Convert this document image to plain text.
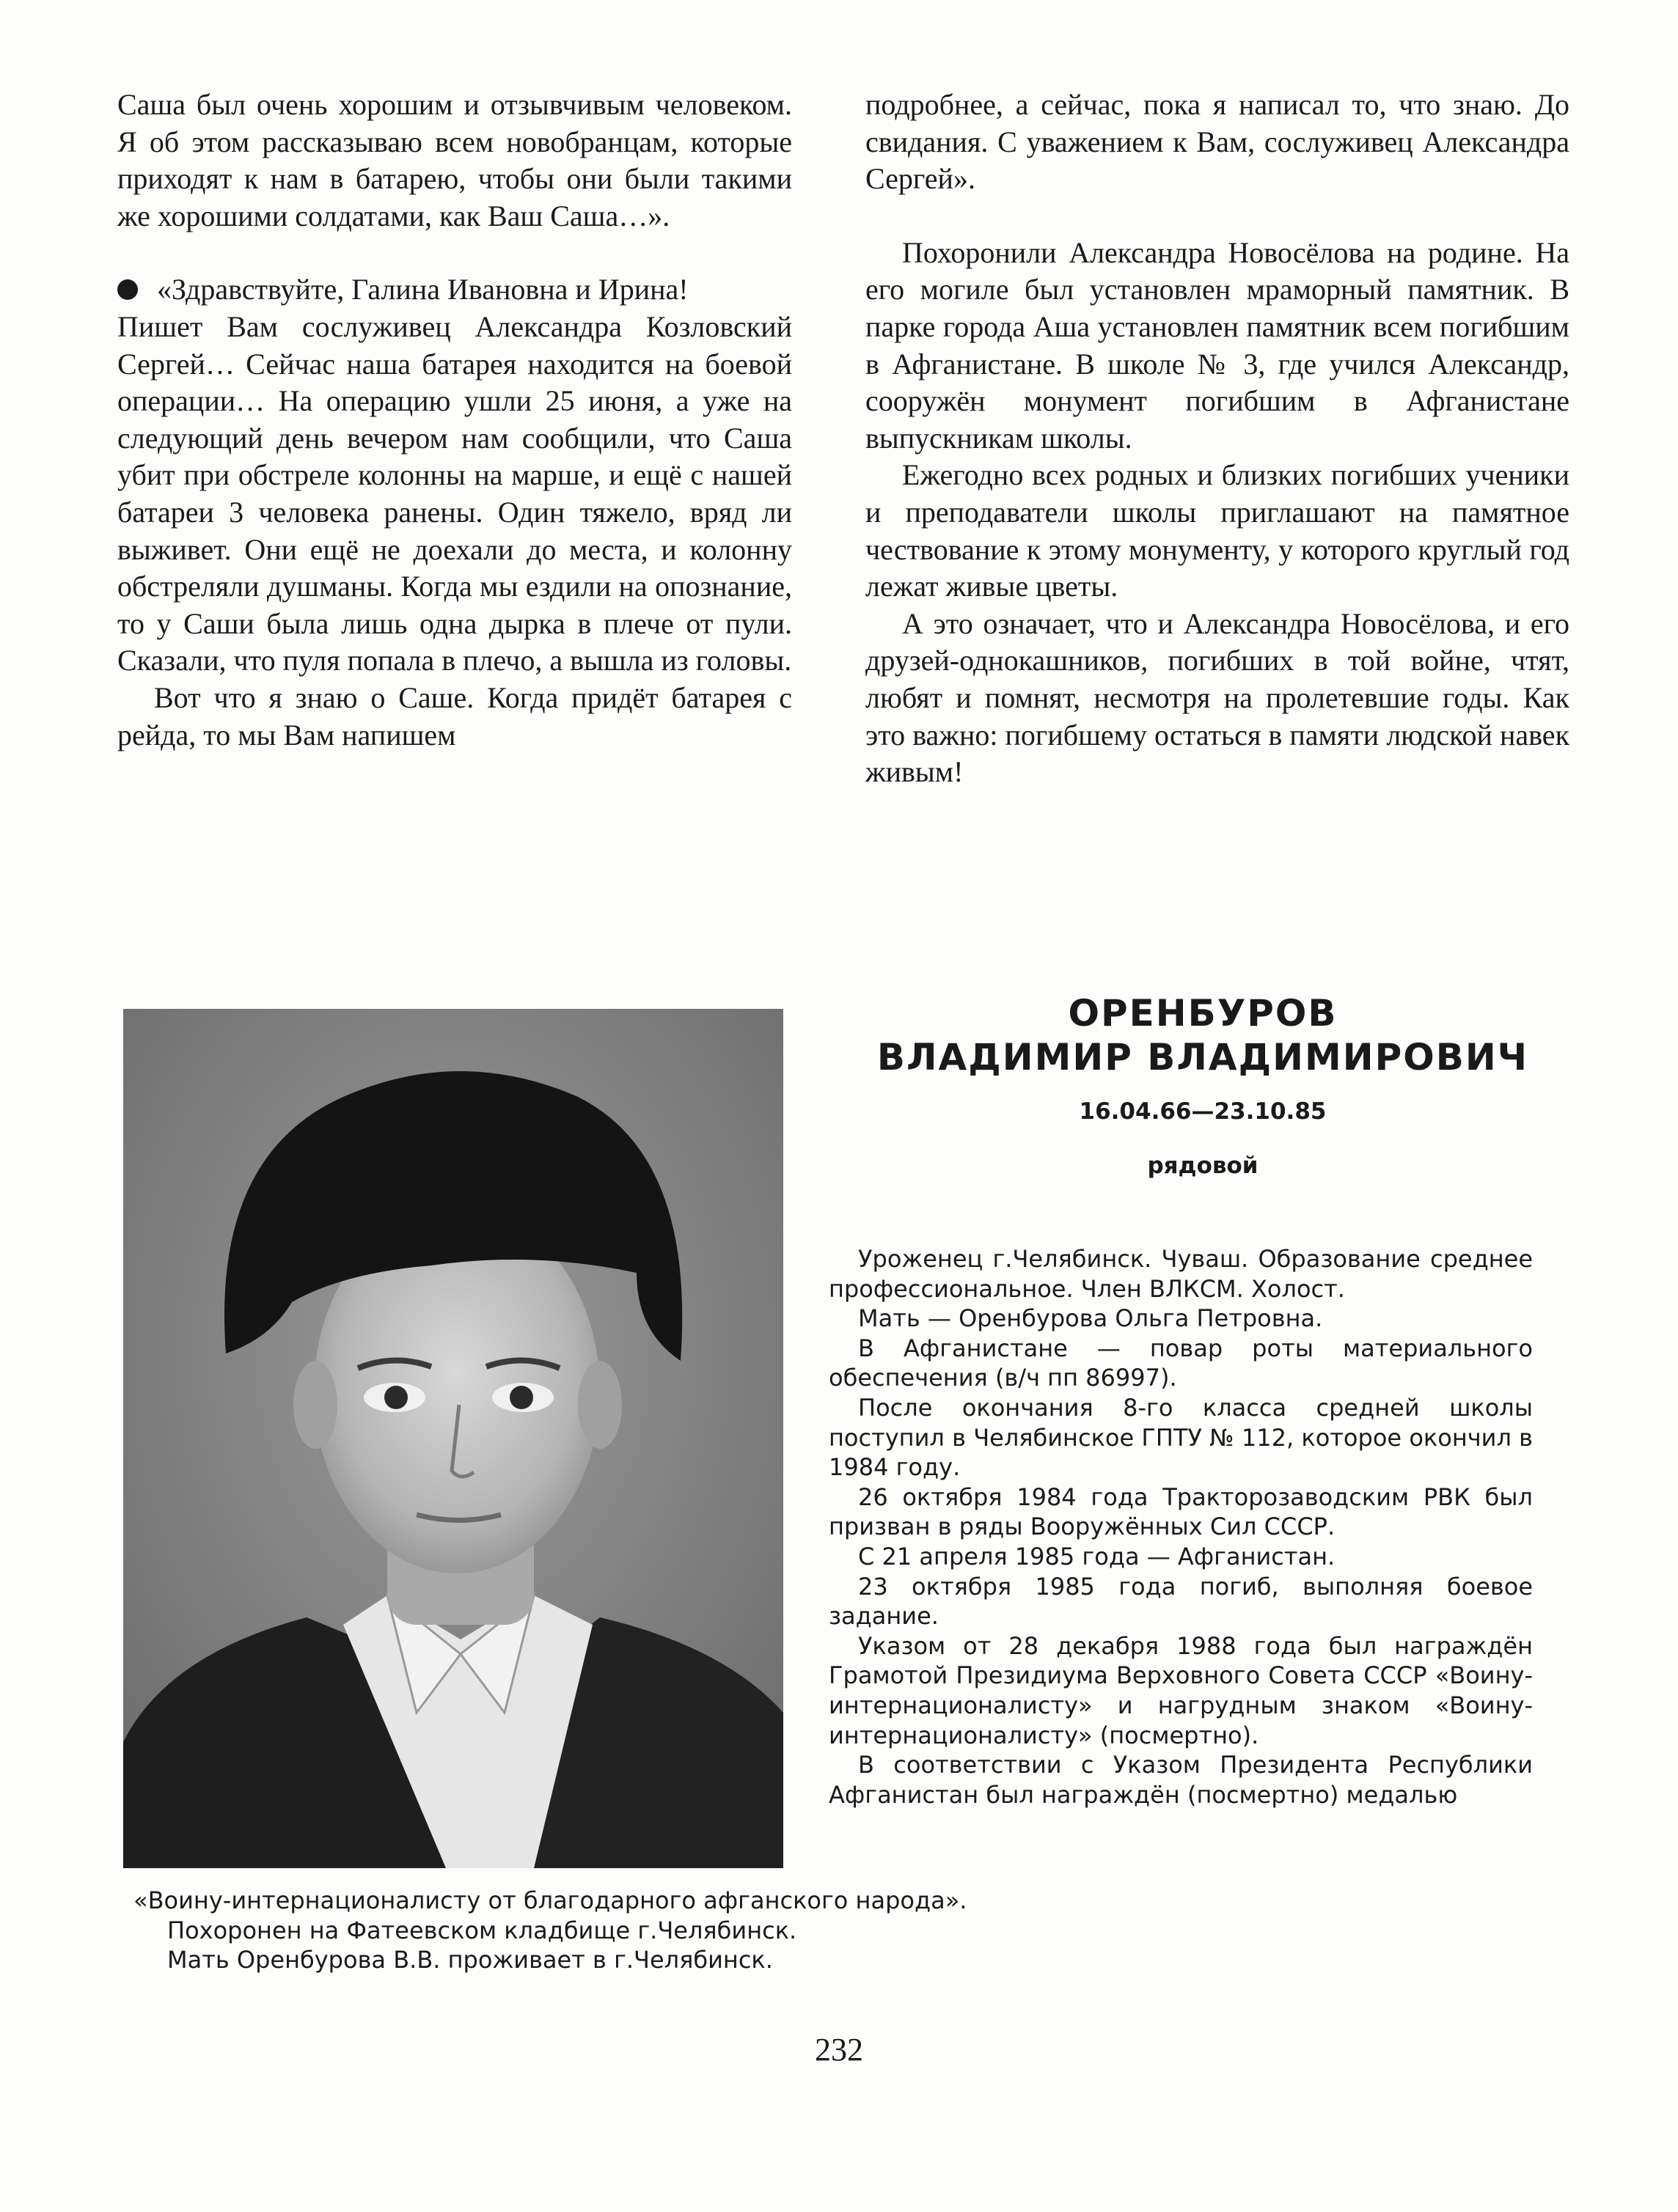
Саша был очень хорошим и отзывчивым человеком. Я об этом рассказываю всем новобранцам, которые приходят к нам в батарею, чтобы они были такими же хорошими солдатами, как Ваш Саша…».

«Здравствуйте, Галина Ивановна и Ирина!

Пишет Вам сослуживец Александра Козловский Сергей… Сейчас наша батарея находится на боевой операции… На операцию ушли 25 июня, а уже на следующий день вечером нам сообщили, что Саша убит при обстреле колонны на марше, и ещё с нашей батареи 3 человека ранены. Один тяжело, вряд ли выживет. Они ещё не доехали до места, и колонну обстреляли душманы. Когда мы ездили на опознание, то у Саши была лишь одна дырка в плече от пули. Сказали, что пуля попала в плечо, а вышла из головы.

Вот что я знаю о Саше. Когда придёт батарея с рейда, то мы Вам напишем

подробнее, а сейчас, пока я написал то, что знаю. До свидания. С уважением к Вам, сослуживец Александра Сергей».

Похоронили Александра Новосёлова на родине. На его могиле был установлен мраморный памятник. В парке города Аша установлен памятник всем погибшим в Афганистане. В школе № 3, где учился Александр, сооружён монумент погибшим в Афганистане выпускникам школы.

Ежегодно всех родных и близких погибших ученики и преподаватели школы приглашают на памятное чествование к этому монументу, у которого круглый год лежат живые цветы.

А это означает, что и Александра Новосёлова, и его друзей-однокашников, погибших в той войне, чтят, любят и помнят, несмотря на пролетевшие годы. Как это важно: погибшему остаться в памяти людской навек живым!

ОРЕНБУРОВ

ВЛАДИМИР ВЛАДИМИРОВИЧ

16.04.66—23.10.85
рядовой

Уроженец г.Челябинск. Чуваш. Образование среднее профессиональное. Член ВЛКСМ. Холост.

Мать — Оренбурова Ольга Петровна.

В Афганистане — повар роты материального обеспечения (в/ч пп 86997).

После окончания 8-го класса средней школы поступил в Челябинское ГПТУ № 112, которое окончил в 1984 году.

26 октября 1984 года Тракторозаводским РВК был призван в ряды Вооружённых Сил СССР.

С 21 апреля 1985 года — Афганистан.

23 октября 1985 года погиб, выполняя боевое задание.

Указом от 28 декабря 1988 года был награждён Грамотой Президиума Верховного Совета СССР «Воину-интернационалисту» и нагрудным знаком «Воину-интернационалисту» (посмертно).

В соответствии с Указом Президента Республики Афганистан был награждён (посмертно) медалью

«Воину-интернационалисту от благодарного афганского народа».

Похоронен на Фатеевском кладбище г.Челябинск.

Мать Оренбурова В.В. проживает в г.Челябинск.

232
